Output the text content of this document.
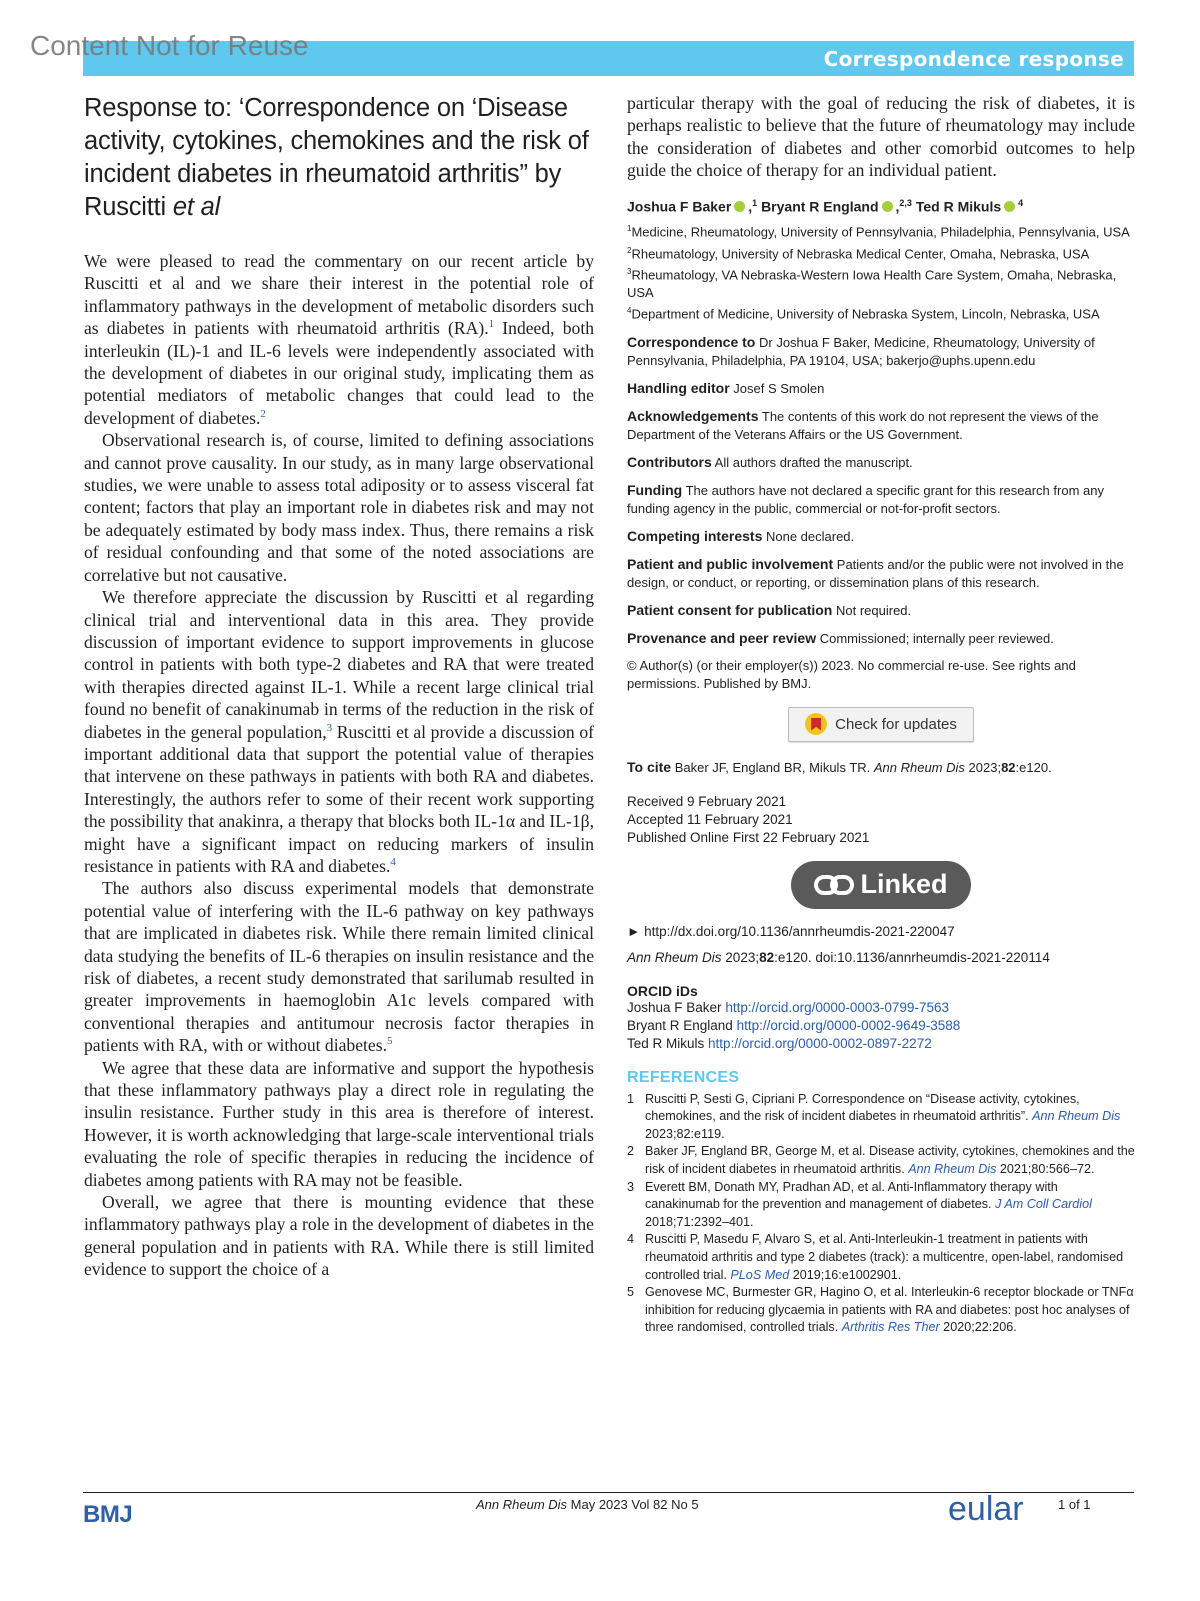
Content Not for Reuse	Correspondence response
Response to: ‘Correspondence on ‘Disease activity, cytokines, chemokines and the risk of incident diabetes in rheumatoid arthritis” by Ruscitti et al

We were pleased to read the commentary on our recent article by Ruscitti et al and we share their interest in the potential role of inflammatory pathways in the development of metabolic disorders such as diabetes in patients with rheumatoid arthritis (RA).$^1$ Indeed, both interleukin (IL)-1 and IL-6 levels were independently associated with the development of diabetes in our original study, implicating them as potential mediators of metabolic changes that could lead to the development of diabetes.$^2$

Observational research is, of course, limited to defining associations and cannot prove causality. In our study, as in many large observational studies, we were unable to assess total adiposity or to assess visceral fat content; factors that play an important role in diabetes risk and may not be adequately estimated by body mass index. Thus, there remains a risk of residual confounding and that some of the noted associations are correlative but not causative.

We therefore appreciate the discussion by Ruscitti et al regarding clinical trial and interventional data in this area. They provide discussion of important evidence to support improvements in glucose control in patients with both type-2 diabetes and RA that were treated with therapies directed against IL-1. While a recent large clinical trial found no benefit of canakinumab in terms of the reduction in the risk of diabetes in the general population,$^3$ Ruscitti et al provide a discussion of important additional data that support the potential value of therapies that intervene on these pathways in patients with both RA and diabetes. Interestingly, the authors refer to some of their recent work supporting the possibility that anakinra, a therapy that blocks both IL-1α and IL-1β, might have a significant impact on reducing markers of insulin resistance in patients with RA and diabetes.$^4$

The authors also discuss experimental models that demonstrate potential value of interfering with the IL-6 pathway on key pathways that are implicated in diabetes risk. While there remain limited clinical data studying the benefits of IL-6 therapies on insulin resistance and the risk of diabetes, a recent study demonstrated that sarilumab resulted in greater improvements in haemoglobin A1c levels compared with conventional therapies and antitumour necrosis factor therapies in patients with RA, with or without diabetes.$^5$

We agree that these data are informative and support the hypothesis that these inflammatory pathways play a direct role in regulating the insulin resistance. Further study in this area is therefore of interest. However, it is worth acknowledging that large-scale interventional trials evaluating the role of specific therapies in reducing the incidence of diabetes among patients with RA may not be feasible.

Overall, we agree that there is mounting evidence that these inflammatory pathways play a role in the development of diabetes in the general population and in patients with RA. While there is still limited evidence to support the choice of a

particular therapy with the goal of reducing the risk of diabetes, it is perhaps realistic to believe that the future of rheumatology may include the consideration of diabetes and other comorbid outcomes to help guide the choice of therapy for an individual patient.

Joshua F Baker ,$^1$ Bryant R England ,$^{2,3}$ Ted R Mikuls $^4$
$^1$Medicine, Rheumatology, University of Pennsylvania, Philadelphia, Pennsylvania, USA
$^2$Rheumatology, University of Nebraska Medical Center, Omaha, Nebraska, USA
$^3$Rheumatology, VA Nebraska-Western Iowa Health Care System, Omaha, Nebraska, USA
$^4$Department of Medicine, University of Nebraska System, Lincoln, Nebraska, USA
Correspondence to Dr Joshua F Baker, Medicine, Rheumatology, University of Pennsylvania, Philadelphia, PA 19104, USA; bakerjo@uphs.upenn.edu
Handling editor Josef S Smolen
Acknowledgements The contents of this work do not represent the views of the Department of the Veterans Affairs or the US Government.
Contributors All authors drafted the manuscript.
Funding The authors have not declared a specific grant for this research from any funding agency in the public, commercial or not-for-profit sectors.
Competing interests None declared.
Patient and public involvement Patients and/or the public were not involved in the design, or conduct, or reporting, or dissemination plans of this research.
Patient consent for publication Not required.
Provenance and peer review Commissioned; internally peer reviewed.
© Author(s) (or their employer(s)) 2023. No commercial re-use. See rights and permissions. Published by BMJ.
Check for updates
To cite Baker JF, England BR, Mikuls TR. Ann Rheum Dis 2023;82:e120.
Received 9 February 2021
Accepted 11 February 2021
Published Online First 22 February 2021
Linked
► http://dx.doi.org/10.1136/annrheumdis-2021-220047
Ann Rheum Dis 2023;82:e120. doi:10.1136/annrheumdis-2021-220114
ORCID iDs
Joshua F Baker http://orcid.org/0000-0003-0799-7563
Bryant R England http://orcid.org/0000-0002-9649-3588
Ted R Mikuls http://orcid.org/0000-0002-0897-2272
REFERENCES
1 Ruscitti P, Sesti G, Cipriani P. Correspondence on “Disease activity, cytokines, chemokines, and the risk of incident diabetes in rheumatoid arthritis”. Ann Rheum Dis 2023;82:e119.
2 Baker JF, England BR, George M, et al. Disease activity, cytokines, chemokines and the risk of incident diabetes in rheumatoid arthritis. Ann Rheum Dis 2021;80:566–72.
3 Everett BM, Donath MY, Pradhan AD, et al. Anti-Inflammatory therapy with canakinumab for the prevention and management of diabetes. J Am Coll Cardiol 2018;71:2392–401.
4 Ruscitti P, Masedu F, Alvaro S, et al. Anti-Interleukin-1 treatment in patients with rheumatoid arthritis and type 2 diabetes (track): a multicentre, open-label, randomised controlled trial. PLoS Med 2019;16:e1002901.
5 Genovese MC, Burmester GR, Hagino O, et al. Interleukin-6 receptor blockade or TNFα inhibition for reducing glycaemia in patients with RA and diabetes: post hoc analyses of three randomised, controlled trials. Arthritis Res Ther 2020;22:206.
BMJ	Ann Rheum Dis May 2023 Vol 82 No 5	eular	1 of 1
